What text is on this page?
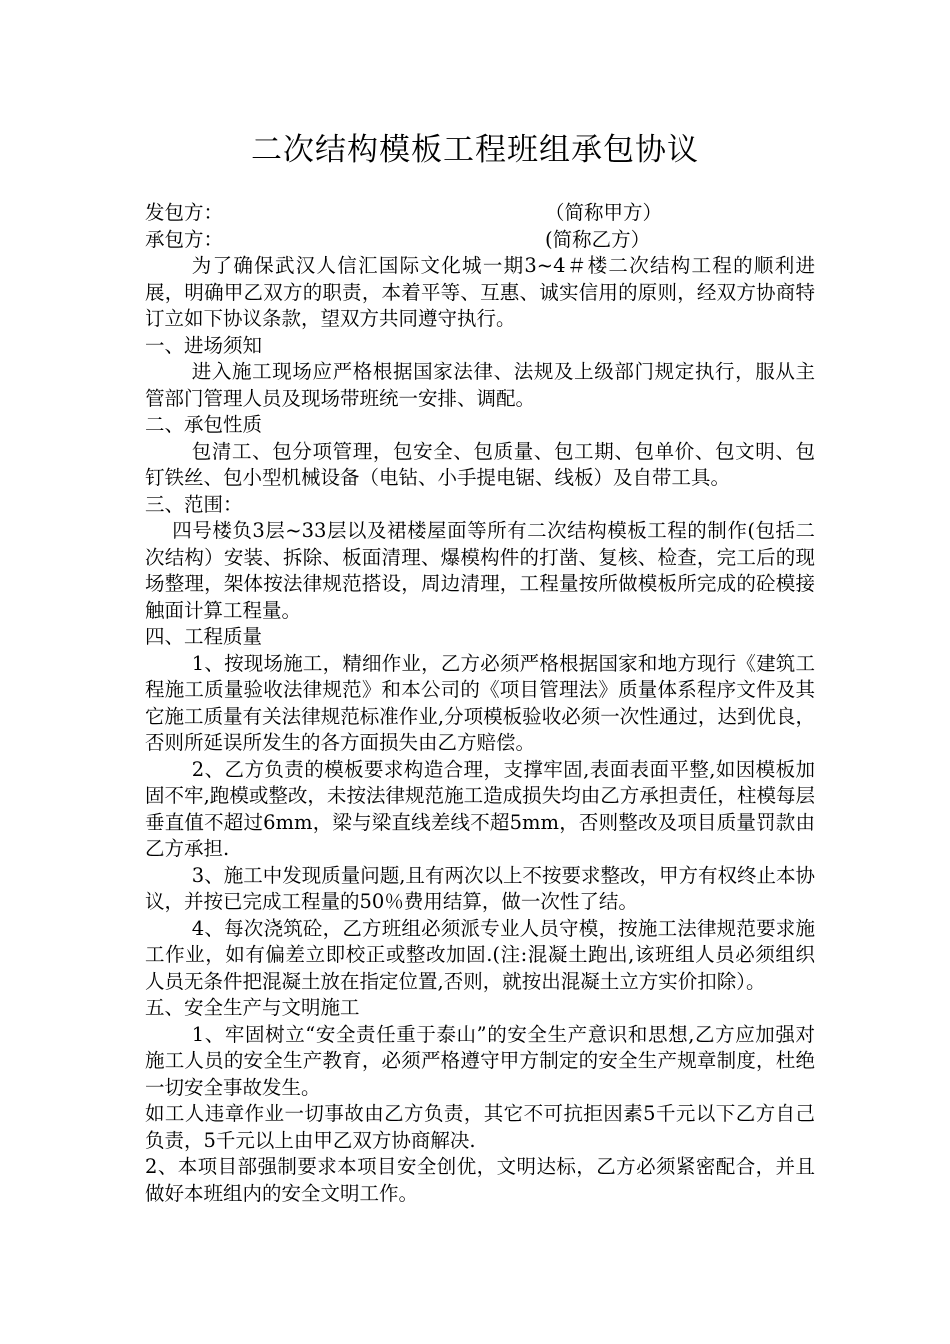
二次结构模板工程班组承包协议
发包方：	（简称甲方）
承包方：	(简称乙方）

为了确保武汉人信汇国际文化城一期3~4＃楼二次结构工程的顺利进展，明确甲乙双方的职责，本着平等、互惠、诚实信用的原则，经双方协商特订立如下协议条款，望双方共同遵守执行。

一、进场须知

进入施工现场应严格根据国家法律、法规及上级部门规定执行，服从主管部门管理人员及现场带班统一安排、调配。

二、承包性质

包清工、包分项管理，包安全、包质量、包工期、包单价、包文明、包钉铁丝、包小型机械设备（电钻、小手提电锯、线板）及自带工具。

三、范围：

四号楼负3层~33层以及裙楼屋面等所有二次结构模板工程的制作(包括二次结构）安装、拆除、板面清理、爆模构件的打凿、复核、检查，完工后的现场整理，架体按法律规范搭设，周边清理，工程量按所做模板所完成的砼模接触面计算工程量。

四、工程质量

1、按现场施工，精细作业，乙方必须严格根据国家和地方现行《建筑工程施工质量验收法律规范》和本公司的《项目管理法》质量体系程序文件及其它施工质量有关法律规范标准作业,分项模板验收必须一次性通过，达到优良，否则所延误所发生的各方面损失由乙方赔偿。

2、乙方负责的模板要求构造合理，支撑牢固,表面表面平整,如因模板加固不牢,跑模或整改，未按法律规范施工造成损失均由乙方承担责任，柱模每层垂直值不超过6mm，梁与梁直线差线不超5mm，否则整改及项目质量罚款由乙方承担.

3、施工中发现质量问题,且有两次以上不按要求整改，甲方有权终止本协议，并按已完成工程量的50％费用结算，做一次性了结。

4、每次浇筑砼，乙方班组必须派专业人员守模，按施工法律规范要求施工作业，如有偏差立即校正或整改加固.(注:混凝土跑出,该班组人员必须组织人员无条件把混凝土放在指定位置,否则，就按出混凝土立方实价扣除）。

五、安全生产与文明施工

1、牢固树立“安全责任重于泰山”的安全生产意识和思想,乙方应加强对施工人员的安全生产教育，必须严格遵守甲方制定的安全生产规章制度，杜绝一切安全事故发生。

如工人违章作业一切事故由乙方负责，其它不可抗拒因素5千元以下乙方自己负责，5千元以上由甲乙双方协商解决.

2、本项目部强制要求本项目安全创优，文明达标，乙方必须紧密配合，并且做好本班组内的安全文明工作。
